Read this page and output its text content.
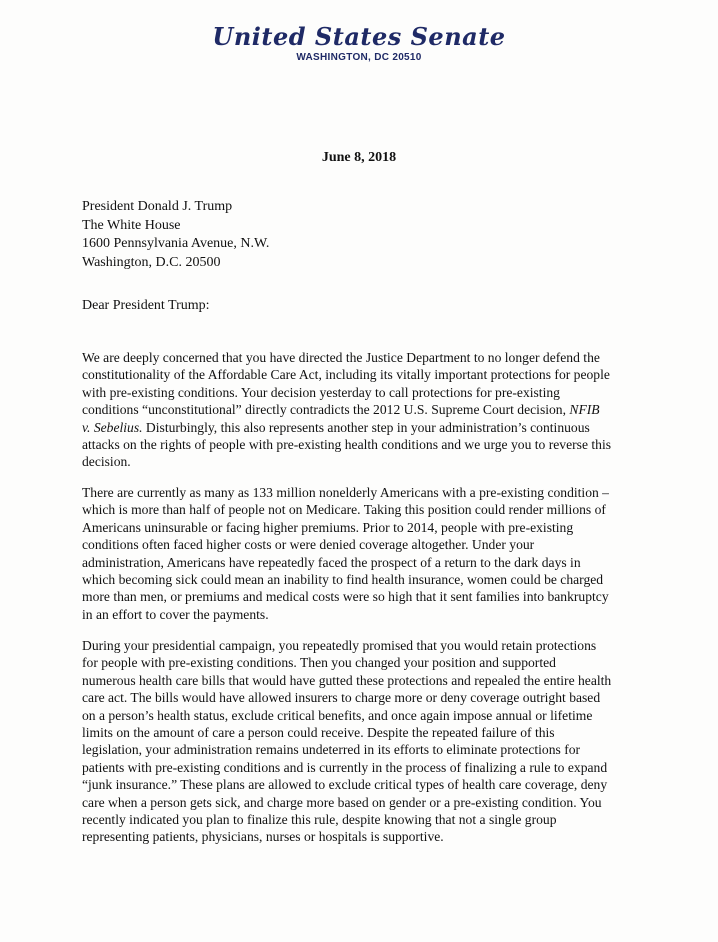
United States Senate
WASHINGTON, DC 20510
June 8, 2018
President Donald J. Trump
The White House
1600 Pennsylvania Avenue, N.W.
Washington, D.C. 20500
Dear President Trump:
We are deeply concerned that you have directed the Justice Department to no longer defend the
constitutionality of the Affordable Care Act, including its vitally important protections for people
with pre-existing conditions. Your decision yesterday to call protections for pre-existing
conditions “unconstitutional” directly contradicts the 2012 U.S. Supreme Court decision, NFIB
v. Sebelius. Disturbingly, this also represents another step in your administration’s continuous
attacks on the rights of people with pre-existing health conditions and we urge you to reverse this
decision.
There are currently as many as 133 million nonelderly Americans with a pre-existing condition –
which is more than half of people not on Medicare. Taking this position could render millions of
Americans uninsurable or facing higher premiums. Prior to 2014, people with pre-existing
conditions often faced higher costs or were denied coverage altogether. Under your
administration, Americans have repeatedly faced the prospect of a return to the dark days in
which becoming sick could mean an inability to find health insurance, women could be charged
more than men, or premiums and medical costs were so high that it sent families into bankruptcy
in an effort to cover the payments.
During your presidential campaign, you repeatedly promised that you would retain protections
for people with pre-existing conditions. Then you changed your position and supported
numerous health care bills that would have gutted these protections and repealed the entire health
care act. The bills would have allowed insurers to charge more or deny coverage outright based
on a person’s health status, exclude critical benefits, and once again impose annual or lifetime
limits on the amount of care a person could receive. Despite the repeated failure of this
legislation, your administration remains undeterred in its efforts to eliminate protections for
patients with pre-existing conditions and is currently in the process of finalizing a rule to expand
“junk insurance.” These plans are allowed to exclude critical types of health care coverage, deny
care when a person gets sick, and charge more based on gender or a pre-existing condition. You
recently indicated you plan to finalize this rule, despite knowing that not a single group
representing patients, physicians, nurses or hospitals is supportive.
